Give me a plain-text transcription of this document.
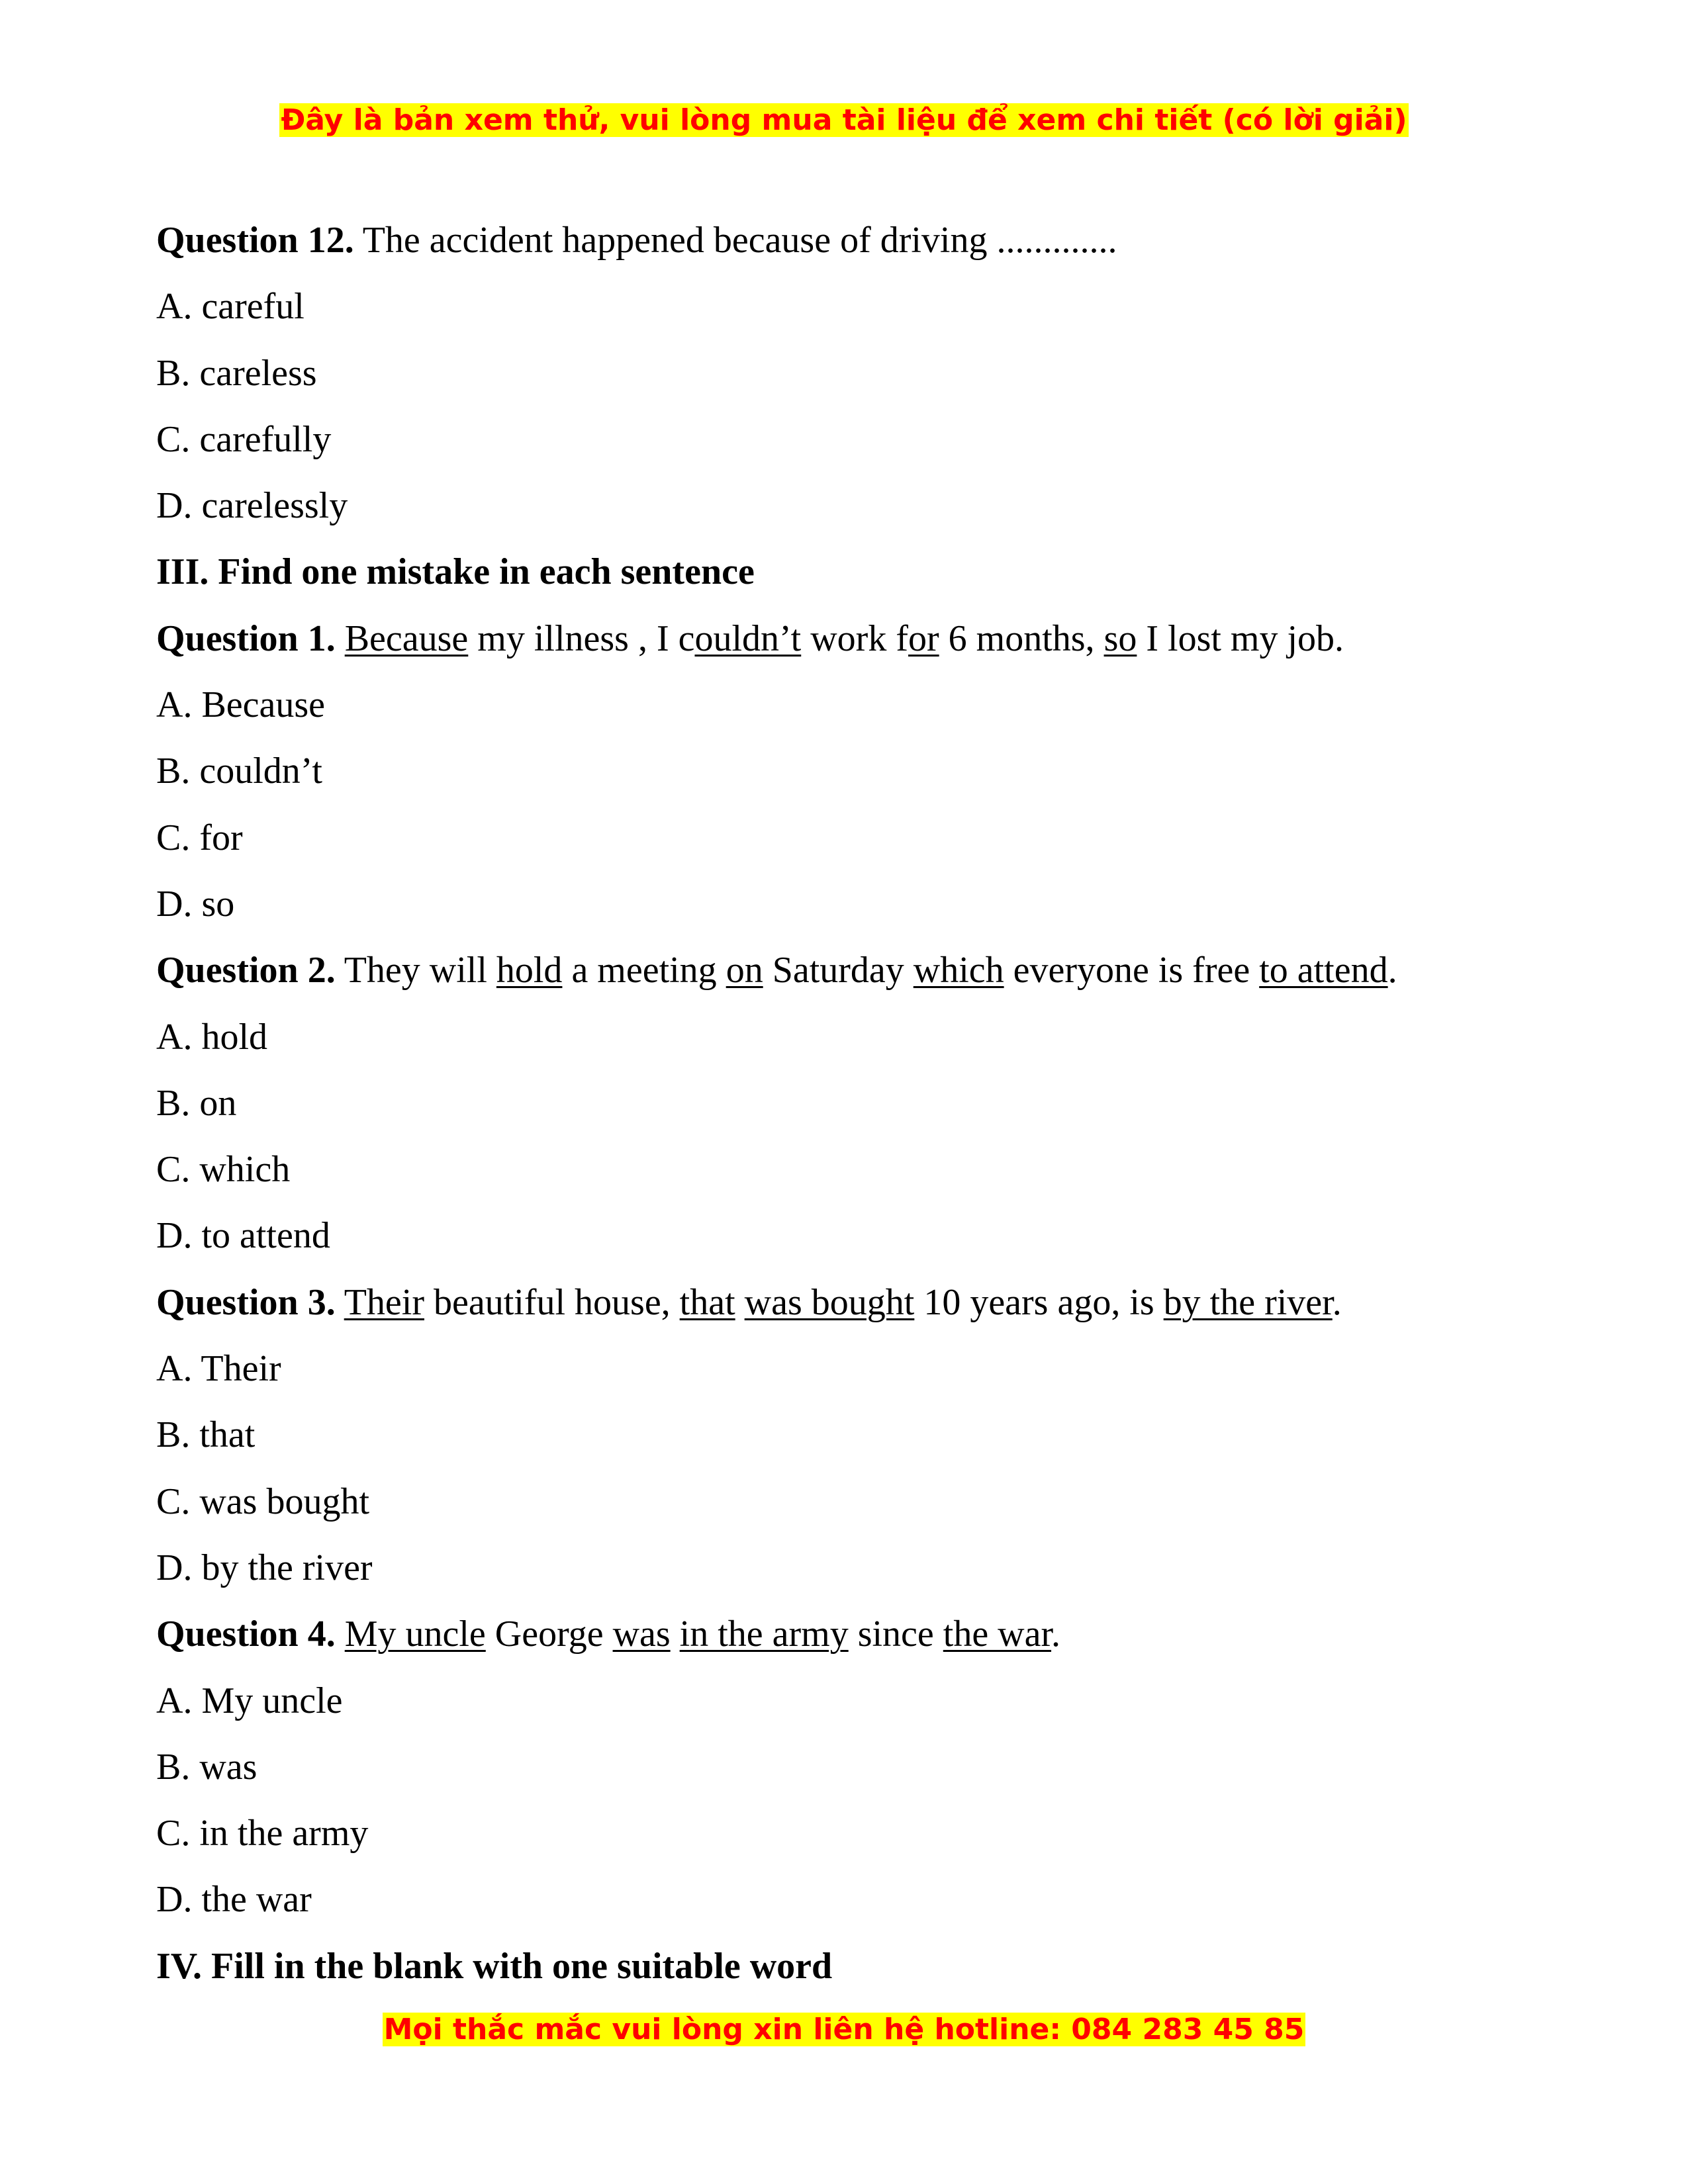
Đây là bản xem thử, vui lòng mua tài liệu để xem chi tiết (có lời giải)
Question 12. The accident happened because of driving .............
A. careful
B. careless
C. carefully
D. carelessly
III. Find one mistake in each sentence
Question 1. Because my illness , I couldn’t work for 6 months, so I lost my job.
A. Because
B. couldn’t
C. for
D. so
Question 2. They will hold a meeting on Saturday which everyone is free to attend.
A. hold
B. on
C. which
D. to attend
Question 3. Their beautiful house, that was bought 10 years ago, is by the river.
A. Their
B. that
C. was bought
D. by the river
Question 4. My uncle George was in the army since the war.
A. My uncle
B. was
C. in the army
D. the war
IV. Fill in the blank with one suitable word
Mọi thắc mắc vui lòng xin liên hệ hotline: 084 283 45 85
